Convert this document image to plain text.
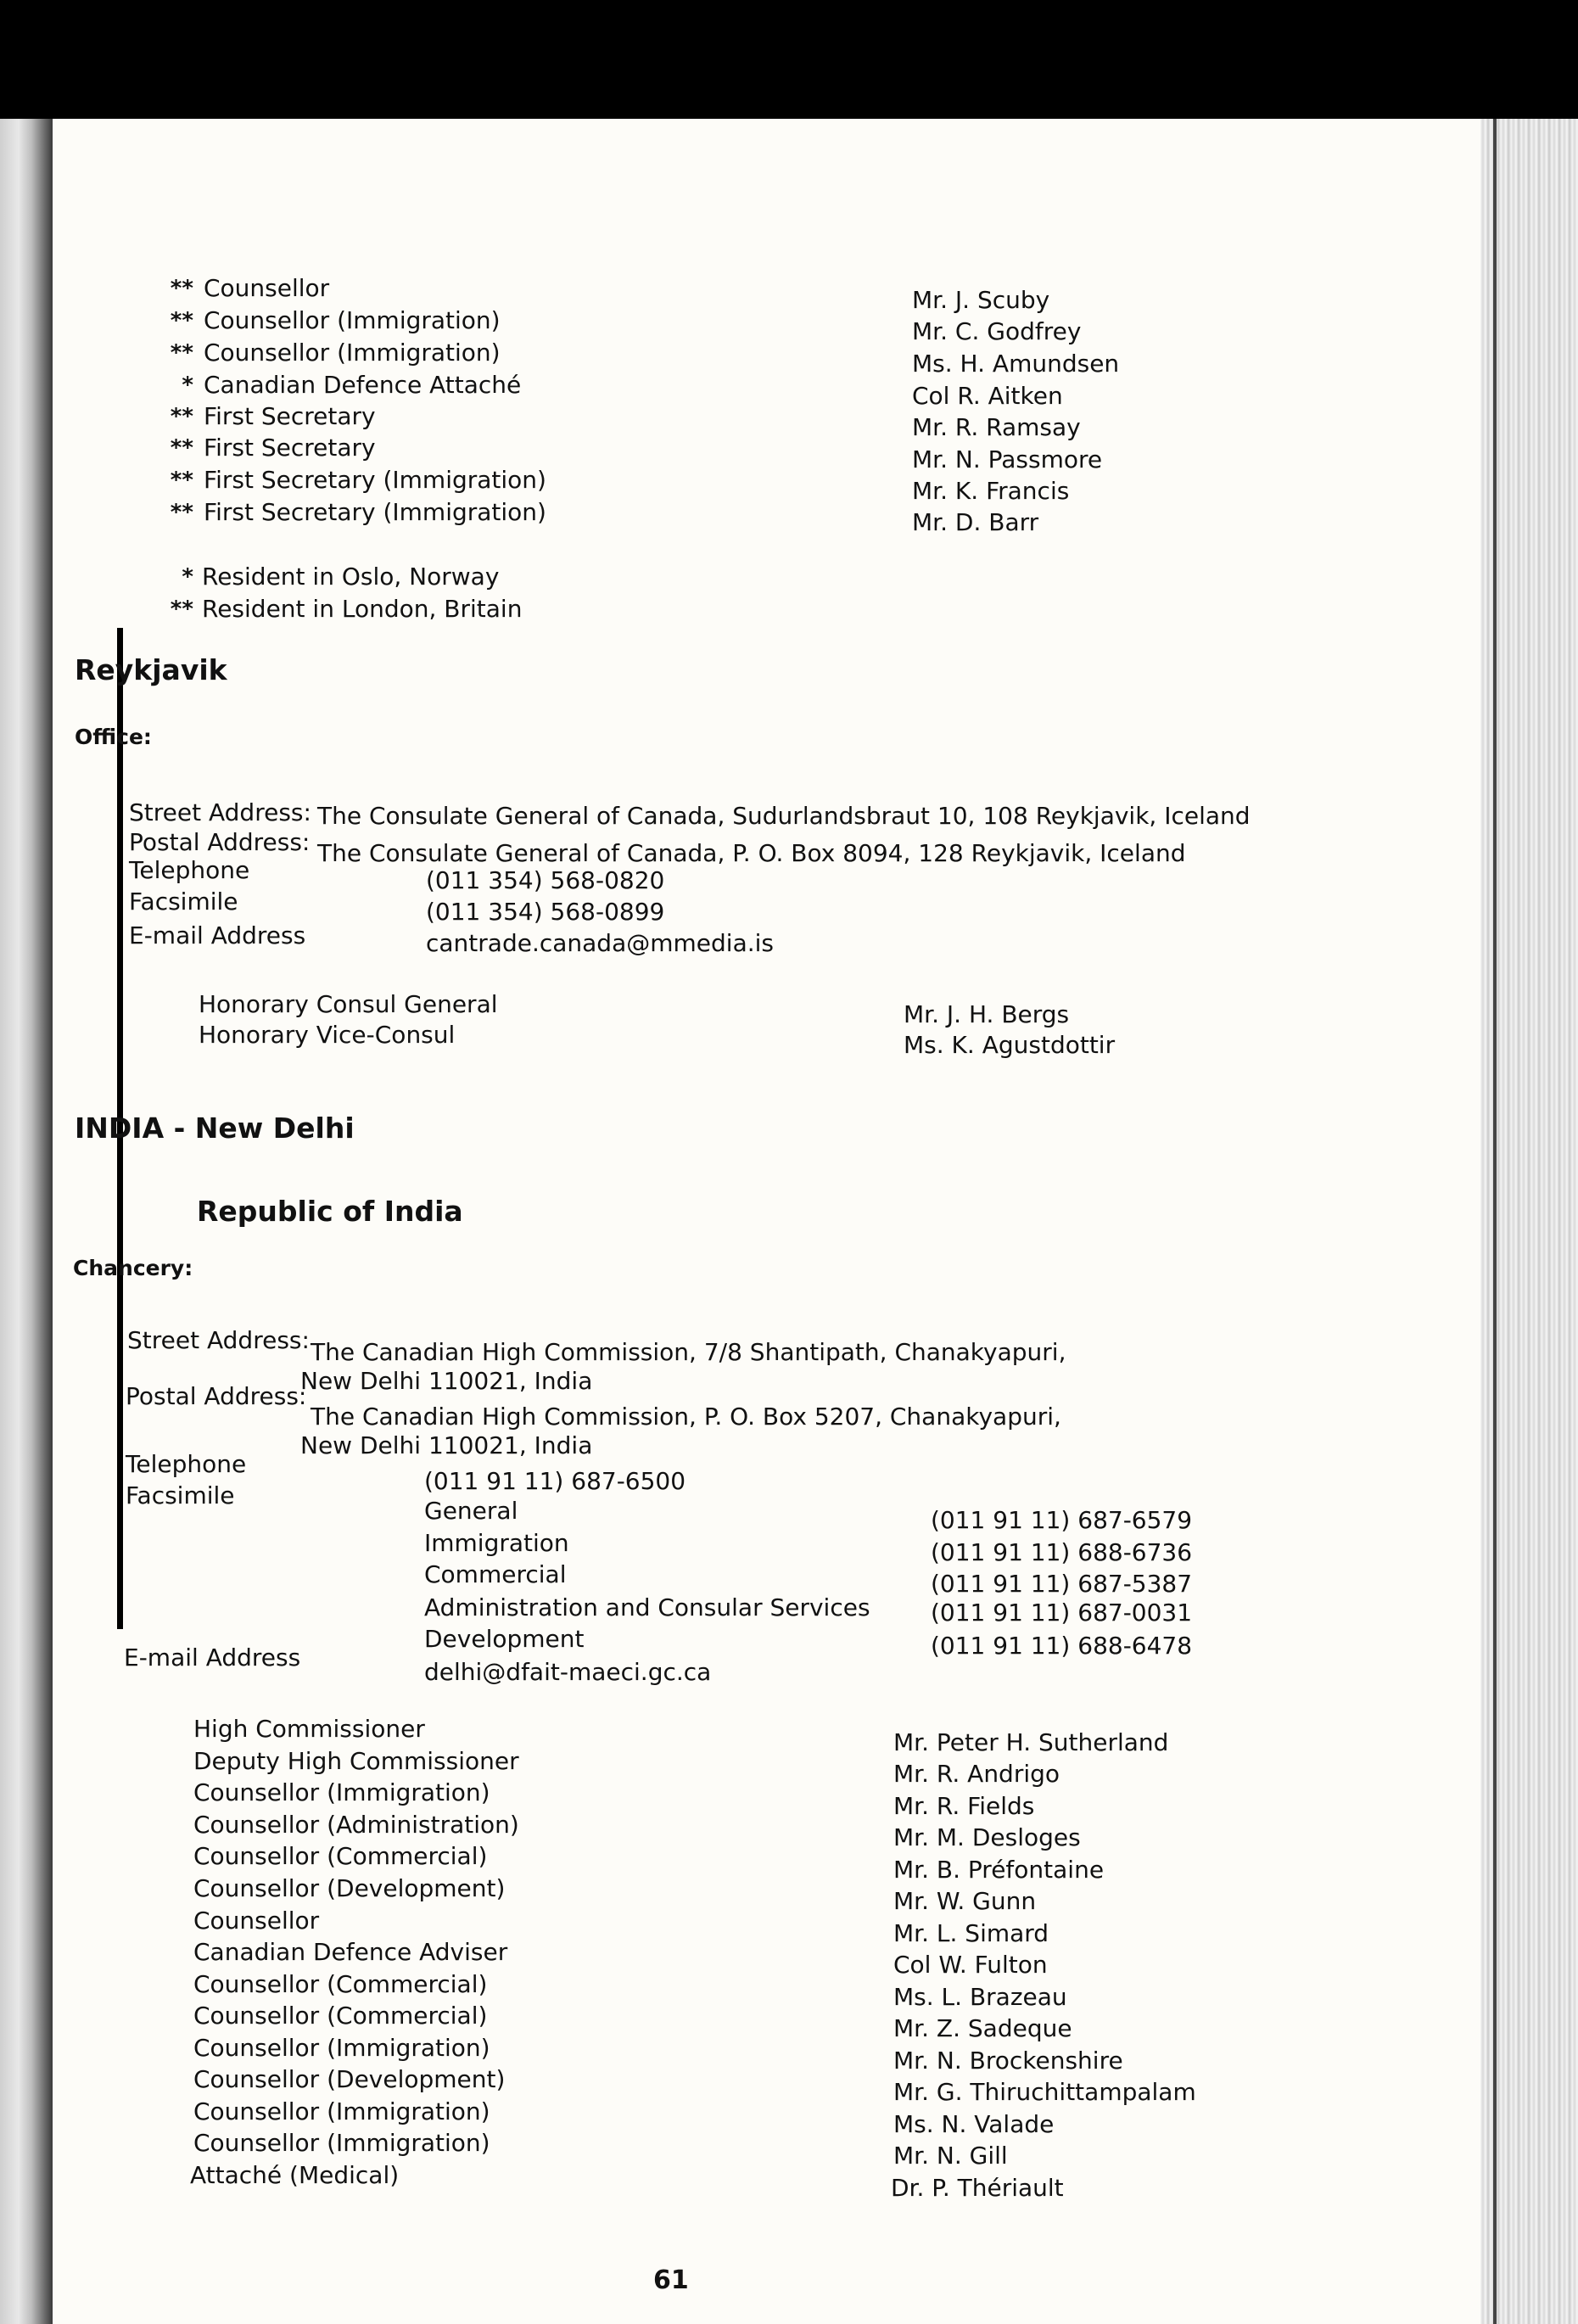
** Counsellor	Mr. J. Scuby
** Counsellor (Immigration)	Mr. C. Godfrey
** Counsellor (Immigration)	Ms. H. Amundsen
* Canadian Defence Attaché	Col R. Aitken
** First Secretary	Mr. R. Ramsay
** First Secretary	Mr. N. Passmore
** First Secretary (Immigration)	Mr. K. Francis
** First Secretary (Immigration)	Mr. D. Barr
* Resident in Oslo, Norway
** Resident in London, Britain
Reykjavik
Office:
Street Address: The Consulate General of Canada, Sudurlandsbraut 10, 108 Reykjavik, Iceland
Postal Address: The Consulate General of Canada, P. O. Box 8094, 128 Reykjavik, Iceland
Telephone	(011 354) 568-0820
Facsimile	(011 354) 568-0899
E-mail Address	cantrade.canada@mmedia.is
Honorary Consul General	Mr. J. H. Bergs
Honorary Vice-Consul	Ms. K. Agustdottir
INDIA - New Delhi
Republic of India
Chancery:
Street Address: The Canadian High Commission, 7/8 Shantipath, Chanakyapuri,
New Delhi 110021, India
Postal Address:
The Canadian High Commission, P. O. Box 5207, Chanakyapuri,
New Delhi 110021, India
Telephone
(011 91 11) 687-6500
Facsimile
General	(011 91 11) 687-6579
Immigration	(011 91 11) 688-6736
Commercial	(011 91 11) 687-5387
Administration and Consular Services	(011 91 11) 687-0031
Development	(011 91 11) 688-6478
E-mail Address
delhi@dfait-maeci.gc.ca
High Commissioner	Mr. Peter H. Sutherland
Deputy High Commissioner	Mr. R. Andrigo
Counsellor (Immigration)	Mr. R. Fields
Counsellor (Administration)	Mr. M. Desloges
Counsellor (Commercial)	Mr. B. Préfontaine
Counsellor (Development)	Mr. W. Gunn
Counsellor	Mr. L. Simard
Canadian Defence Adviser	Col W. Fulton
Counsellor (Commercial)	Ms. L. Brazeau
Counsellor (Commercial)	Mr. Z. Sadeque
Counsellor (Immigration)	Mr. N. Brockenshire
Counsellor (Development)	Mr. G. Thiruchittampalam
Counsellor (Immigration)	Ms. N. Valade
Counsellor (Immigration)	Mr. N. Gill
Attaché (Medical)	Dr. P. Thériault
61
